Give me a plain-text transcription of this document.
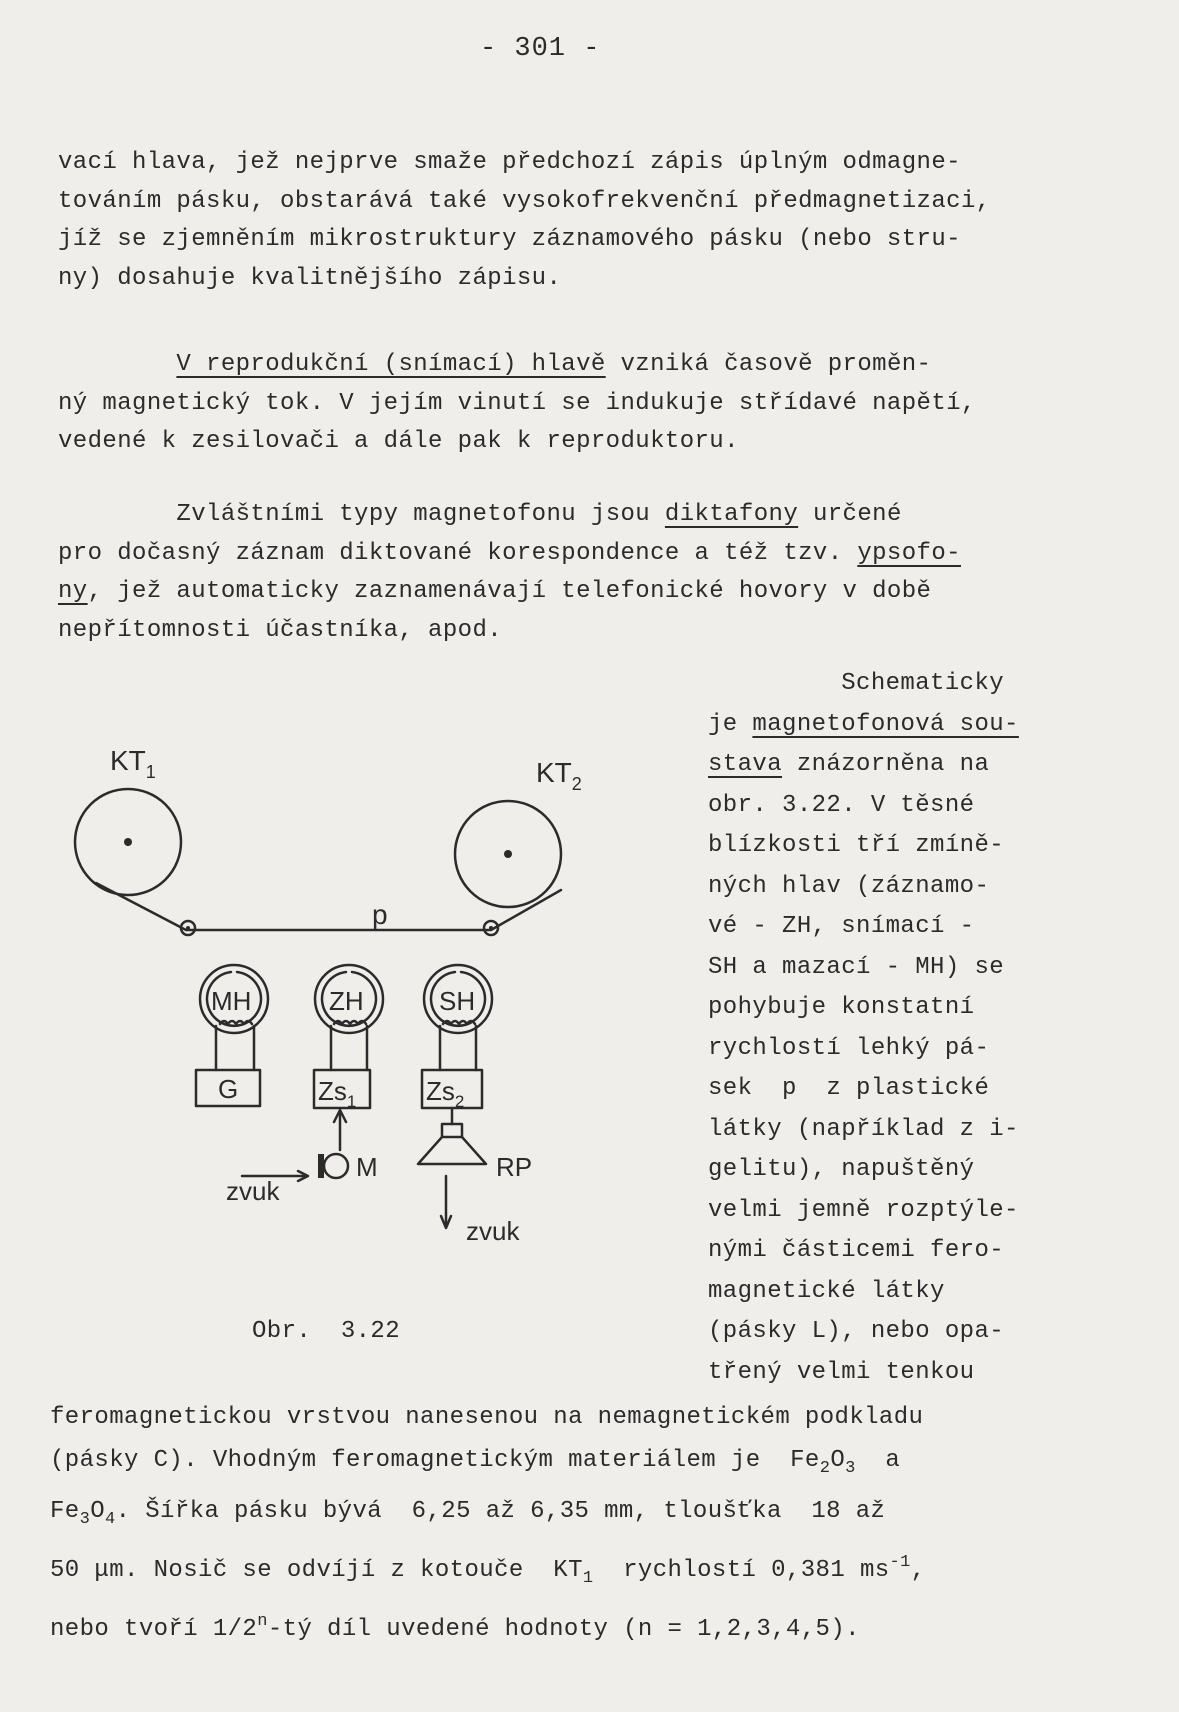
- 301 -
vací hlava, jež nejprve smaže předchozí zápis úplným odmagne-
továním pásku, obstarává také vysokofrekvenční předmagnetizaci,
jíž se zjemněním mikrostruktury záznamového pásku (nebo stru-
ny) dosahuje kvalitnějšího zápisu.
V reprodukční (snímací) hlavě vzniká časově proměn-
ný magnetický tok. V jejím vinutí se indukuje střídavé napětí,
vedené k zesilovači a dále pak k reproduktoru.
Zvláštními typy magnetofonu jsou diktafony určené
pro dočasný záznam diktované korespondence a též tzv. ypsofo-
ny, jež automaticky zaznamenávají telefonické hovory v době
nepřítomnosti účastníka, apod.
Schematicky
je magnetofonová sou-
stava znázorněna na
obr. 3.22. V těsné
blízkosti tří zmíně-
ných hlav (záznamo-
vé - ZH, snímací -
SH a mazací - MH) se
pohybuje konstatní
rychlostí lehký pá-
sek  p  z plastické
látky (například z i-
gelitu), napuštěný
velmi jemně rozptýle-
nými částicemi fero-
magnetické látky
(pásky L), nebo opa-
třený velmi tenkou
$KT_1$	$KT_2$
p
MH	ZH	SH
G	$Zs_1$	$Zs_2$
M	RP
zvuk
zvuk
Obr.  3.22
feromagnetickou vrstvou nanesenou na nemagnetickém podkladu
(pásky C). Vhodným feromagnetickým materiálem je  $Fe_2O_3$  a
$Fe_3O_4$. Šířka pásku bývá  6,25 až 6,35 mm, tloušťka  18 až
50 μm. Nosič se odvíjí z kotouče  $KT_1$  rychlostí 0,381 $ms^{-1}$,
nebo tvoří 1/2$^n$-tý díl uvedené hodnoty (n = 1,2,3,4,5).
